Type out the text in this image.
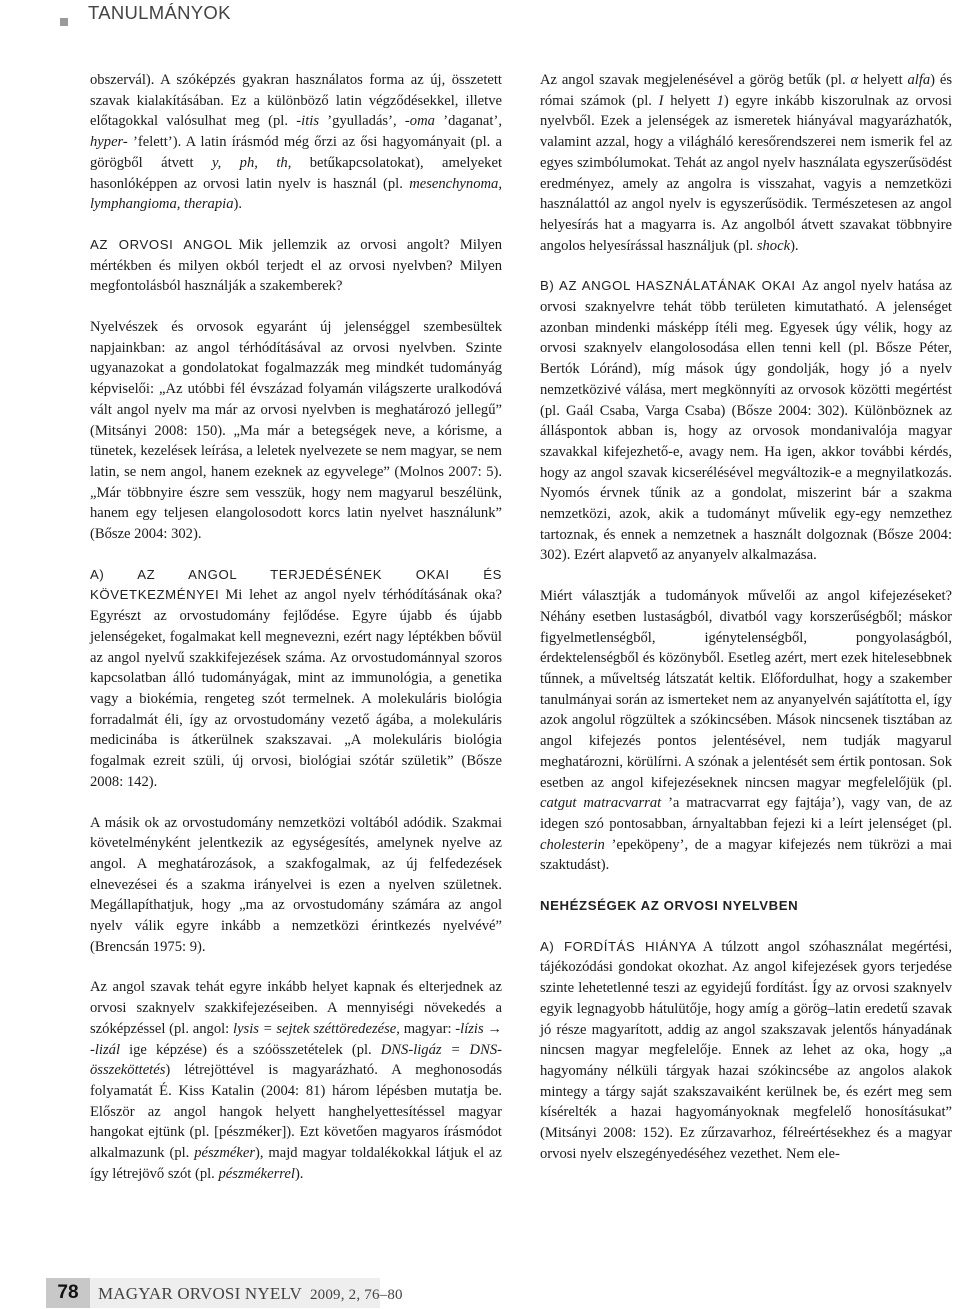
TANULMÁNYOK

obszervál). A szóképzés gyakran használatos forma az új, összetett szavak kialakításában. Ez a különböző latin végződésekkel, illetve előtagokkal valósulhat meg (pl. -itis ’gyulladás’, -oma ’daganat’, hyper- ’felett’). A latin írásmód még őrzi az ősi hagyományait (pl. a görögből átvett y, ph, th, betűkapcsolatokat), amelyeket hasonlóképpen az orvosi latin nyelv is használ (pl. mesenchynoma, lymphangioma, therapia).

AZ ORVOSI ANGOL Mik jellemzik az orvosi angolt? Milyen mértékben és milyen okból terjedt el az orvosi nyelvben? Milyen megfontolásból használják a szakemberek?

Nyelvészek és orvosok egyaránt új jelenséggel szembesültek napjainkban: az angol térhódításával az orvosi nyelvben. Szinte ugyanazokat a gondolatokat fogalmazzák meg mindkét tudományág képviselői: „Az utóbbi fél évszázad folyamán világszerte uralkodóvá vált angol nyelv ma már az orvosi nyelvben is meghatározó jellegű” (Mitsányi 2008: 150). „Ma már a betegségek neve, a kórisme, a tünetek, kezelések leírása, a leletek nyelvezete se nem magyar, se nem latin, se nem angol, hanem ezeknek az egyvelege” (Molnos 2007: 5). „Már többnyire észre sem vesszük, hogy nem magyarul beszélünk, hanem egy teljesen elangolosodott korcs latin nyelvet használunk” (Bősze 2004: 302).

A) AZ ANGOL TERJEDÉSÉNEK OKAI ÉS KÖVETKEZMÉNYEI Mi lehet az angol nyelv térhódításának oka? Egyrészt az orvostudomány fejlődése. Egyre újabb és újabb jelenségeket, fogalmakat kell megnevezni, ezért nagy léptékben bővül az angol nyelvű szakkifejezések száma. Az orvostudománnyal szoros kapcsolatban álló tudományágak, mint az immunológia, a genetika vagy a biokémia, rengeteg szót termelnek. A molekuláris biológia forradalmát éli, így az orvostudomány vezető ágába, a molekuláris medicinába is átkerülnek szakszavai. „A molekuláris biológia fogalmak ezreit szüli, új orvosi, biológiai szótár születik” (Bősze 2008: 142).

A másik ok az orvostudomány nemzetközi voltából adódik. Szakmai követelményként jelentkezik az egységesítés, amelynek nyelve az angol. A meghatározások, a szakfogalmak, az új felfedezések elnevezései és a szakma irányelvei is ezen a nyelven születnek. Megállapíthatjuk, hogy „ma az orvostudomány számára az angol nyelv válik egyre inkább a nemzetközi érintkezés nyelvévé” (Brencsán 1975: 9).

Az angol szavak tehát egyre inkább helyet kapnak és elterjednek az orvosi szaknyelv szakkifejezéseiben. A mennyiségi növekedés a szóképzéssel (pl. angol: lysis = sejtek széttöredezése, magyar: -lízis → -lizál ige képzése) és a szóösszetételek (pl. DNS-ligáz = DNS-összeköttetés) létrejöttével is magyarázható. A meghonosodás folyamatát É. Kiss Katalin (2004: 81) három lépésben mutatja be. Először az angol hangok helyett hanghelyettesítéssel magyar hangokat ejtünk (pl. [pészméker]). Ezt követően magyaros írásmódot alkalmazunk (pl. pészméker), majd magyar toldalékokkal látjuk el az így létrejövő szót (pl. pészmékerrel).

Az angol szavak megjelenésével a görög betűk (pl. α helyett alfa) és római számok (pl. I helyett 1) egyre inkább kiszorulnak az orvosi nyelvből. Ezek a jelenségek az ismeretek hiányával magyarázhatók, valamint azzal, hogy a világháló keresőrendszerei nem ismerik fel az egyes szimbólumokat. Tehát az angol nyelv használata egyszerűsödést eredményez, amely az angolra is visszahat, vagyis a nemzetközi használattól az angol nyelv is egyszerűsödik. Természetesen az angol helyesírás hat a magyarra is. Az angolból átvett szavakat többnyire angolos helyesírással használjuk (pl. shock).

B) AZ ANGOL HASZNÁLATÁNAK OKAI Az angol nyelv hatása az orvosi szaknyelvre tehát több területen kimutatható. A jelenséget azonban mindenki másképp ítéli meg. Egyesek úgy vélik, hogy az orvosi szaknyelv elangolosodása ellen tenni kell (pl. Bősze Péter, Bertók Lóránd), míg mások úgy gondolják, hogy jó a nyelv nemzetközivé válása, mert megkönnyíti az orvosok közötti megértést (pl. Gaál Csaba, Varga Csaba) (Bősze 2004: 302). Különböznek az álláspontok abban is, hogy az orvosok mondanivalója magyar szavakkal kifejezhető-e, avagy nem. Ha igen, akkor további kérdés, hogy az angol szavak kicserélésével megváltozik-e a megnyilatkozás. Nyomós érvnek tűnik az a gondolat, miszerint bár a szakma nemzetközi, azok, akik a tudományt művelik egy-egy nemzethez tartoznak, és ennek a nemzetnek a használt dolgoznak (Bősze 2004: 302). Ezért alapvető az anyanyelv alkalmazása.

Miért választják a tudományok művelői az angol kifejezéseket? Néhány esetben lustaságból, divatból vagy korszerűségből; máskor figyelmetlenségből, igénytelenségből, pongyolaságból, érdektelenségből és közönyből. Esetleg azért, mert ezek hitelesebbnek tűnnek, a műveltség látszatát keltik. Előfordulhat, hogy a szakember tanulmányai során az ismerteket nem az anyanyelvén sajátította el, így azok angolul rögzültek a szókincsében. Mások nincsenek tisztában az angol kifejezés pontos jelentésével, nem tudják magyarul meghatározni, körülírni. A szónak a jelentését sem értik pontosan. Sok esetben az angol kifejezéseknek nincsen magyar megfelelőjük (pl. catgut matracvarrat ’a matracvarrat egy fajtája’), vagy van, de az idegen szó pontosabban, árnyaltabban fejezi ki a leírt jelenséget (pl. cholesterin ’epeköpeny’, de a magyar kifejezés nem tükrözi a mai szaktudást).

NEHÉZSÉGEK AZ ORVOSI NYELVBEN

A) FORDÍTÁS HIÁNYA A túlzott angol szóhasználat megértési, tájékozódási gondokat okozhat. Az angol kifejezések gyors terjedése szinte lehetetlenné teszi az egyidejű fordítást. Így az orvosi szaknyelv egyik legnagyobb hátulütője, hogy amíg a görög–latin eredetű szavak jó része magyarított, addig az angol szakszavak jelentős hányadának nincsen magyar megfelelője. Ennek az lehet az oka, hogy „a hagyomány nélküli tárgyak hazai szókincsébe az angolos alakok mintegy a tárgy saját szakszavaiként kerülnek be, és ezért meg sem kísérelték a hazai hagyományoknak megfelelő honosításukat” (Mitsányi 2008: 152). Ez zűrzavarhoz, félreértésekhez és a magyar orvosi nyelv elszegényedéséhez vezethet. Nem ele-

78	MAGYAR ORVOSI NYELV 2009, 2, 76–80
